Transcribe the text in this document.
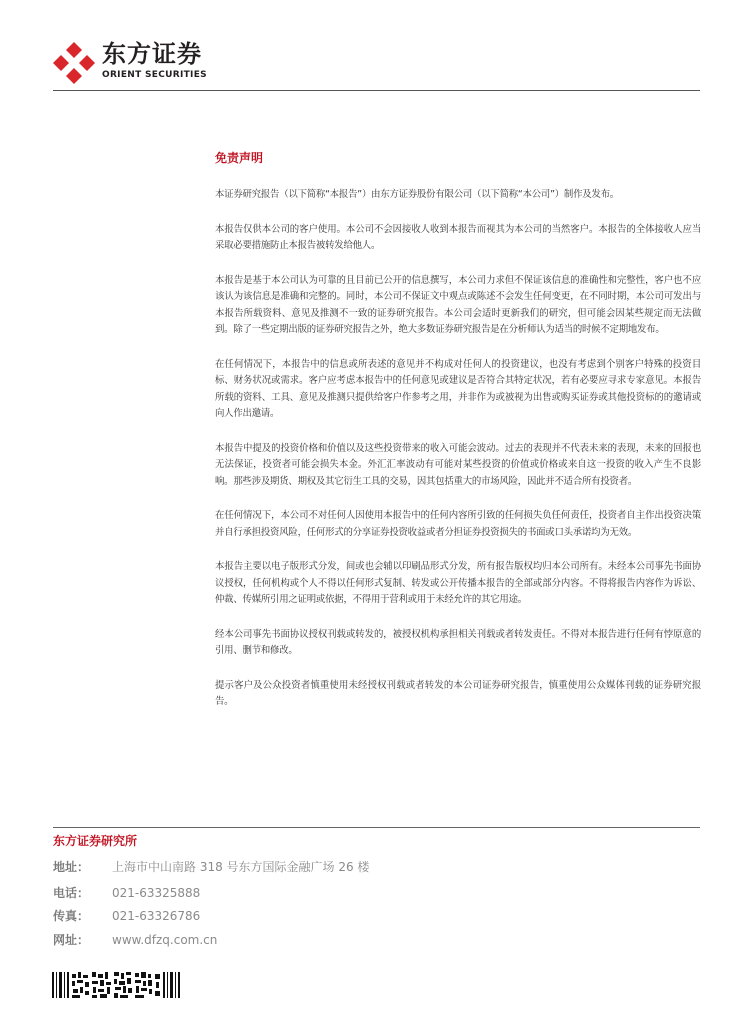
东方证券
ORIENT SECURITIES
免责声明

本证券研究报告（以下简称“本报告”）由东方证券股份有限公司（以下简称“本公司”）制作及发布。

本报告仅供本公司的客户使用。本公司不会因接收人收到本报告而视其为本公司的当然客户。本报告的全体接收人应当采取必要措施防止本报告被转发给他人。

本报告是基于本公司认为可靠的且目前已公开的信息撰写，本公司力求但不保证该信息的准确性和完整性，客户也不应该认为该信息是准确和完整的。同时，本公司不保证文中观点或陈述不会发生任何变更，在不同时期，本公司可发出与本报告所载资料、意见及推测不一致的证券研究报告。本公司会适时更新我们的研究，但可能会因某些规定而无法做到。除了一些定期出版的证券研究报告之外，绝大多数证券研究报告是在分析师认为适当的时候不定期地发布。

在任何情况下，本报告中的信息或所表述的意见并不构成对任何人的投资建议，也没有考虑到个别客户特殊的投资目标、财务状况或需求。客户应考虑本报告中的任何意见或建议是否符合其特定状况，若有必要应寻求专家意见。本报告所载的资料、工具、意见及推测只提供给客户作参考之用，并非作为或被视为出售或购买证券或其他投资标的的邀请或向人作出邀请。

本报告中提及的投资价格和价值以及这些投资带来的收入可能会波动。过去的表现并不代表未来的表现，未来的回报也无法保证，投资者可能会损失本金。外汇汇率波动有可能对某些投资的价值或价格或来自这一投资的收入产生不良影响。那些涉及期货、期权及其它衍生工具的交易，因其包括重大的市场风险，因此并不适合所有投资者。

在任何情况下，本公司不对任何人因使用本报告中的任何内容所引致的任何损失负任何责任，投资者自主作出投资决策并自行承担投资风险，任何形式的分享证券投资收益或者分担证券投资损失的书面或口头承诺均为无效。

本报告主要以电子版形式分发，间或也会辅以印刷品形式分发，所有报告版权均归本公司所有。未经本公司事先书面协议授权，任何机构或个人不得以任何形式复制、转发或公开传播本报告的全部或部分内容。不得将报告内容作为诉讼、仲裁、传媒所引用之证明或依据，不得用于营利或用于未经允许的其它用途。

经本公司事先书面协议授权刊载或转发的，被授权机构承担相关刊载或者转发责任。不得对本报告进行任何有悖原意的引用、删节和修改。

提示客户及公众投资者慎重使用未经授权刊载或者转发的本公司证券研究报告，慎重使用公众媒体刊载的证券研究报告。

东方证券研究所
地址： 上海市中山南路 318 号东方国际金融广场 26 楼
电话： 021-63325888
传真： 021-63326786
网址： www.dfzq.com.cn
